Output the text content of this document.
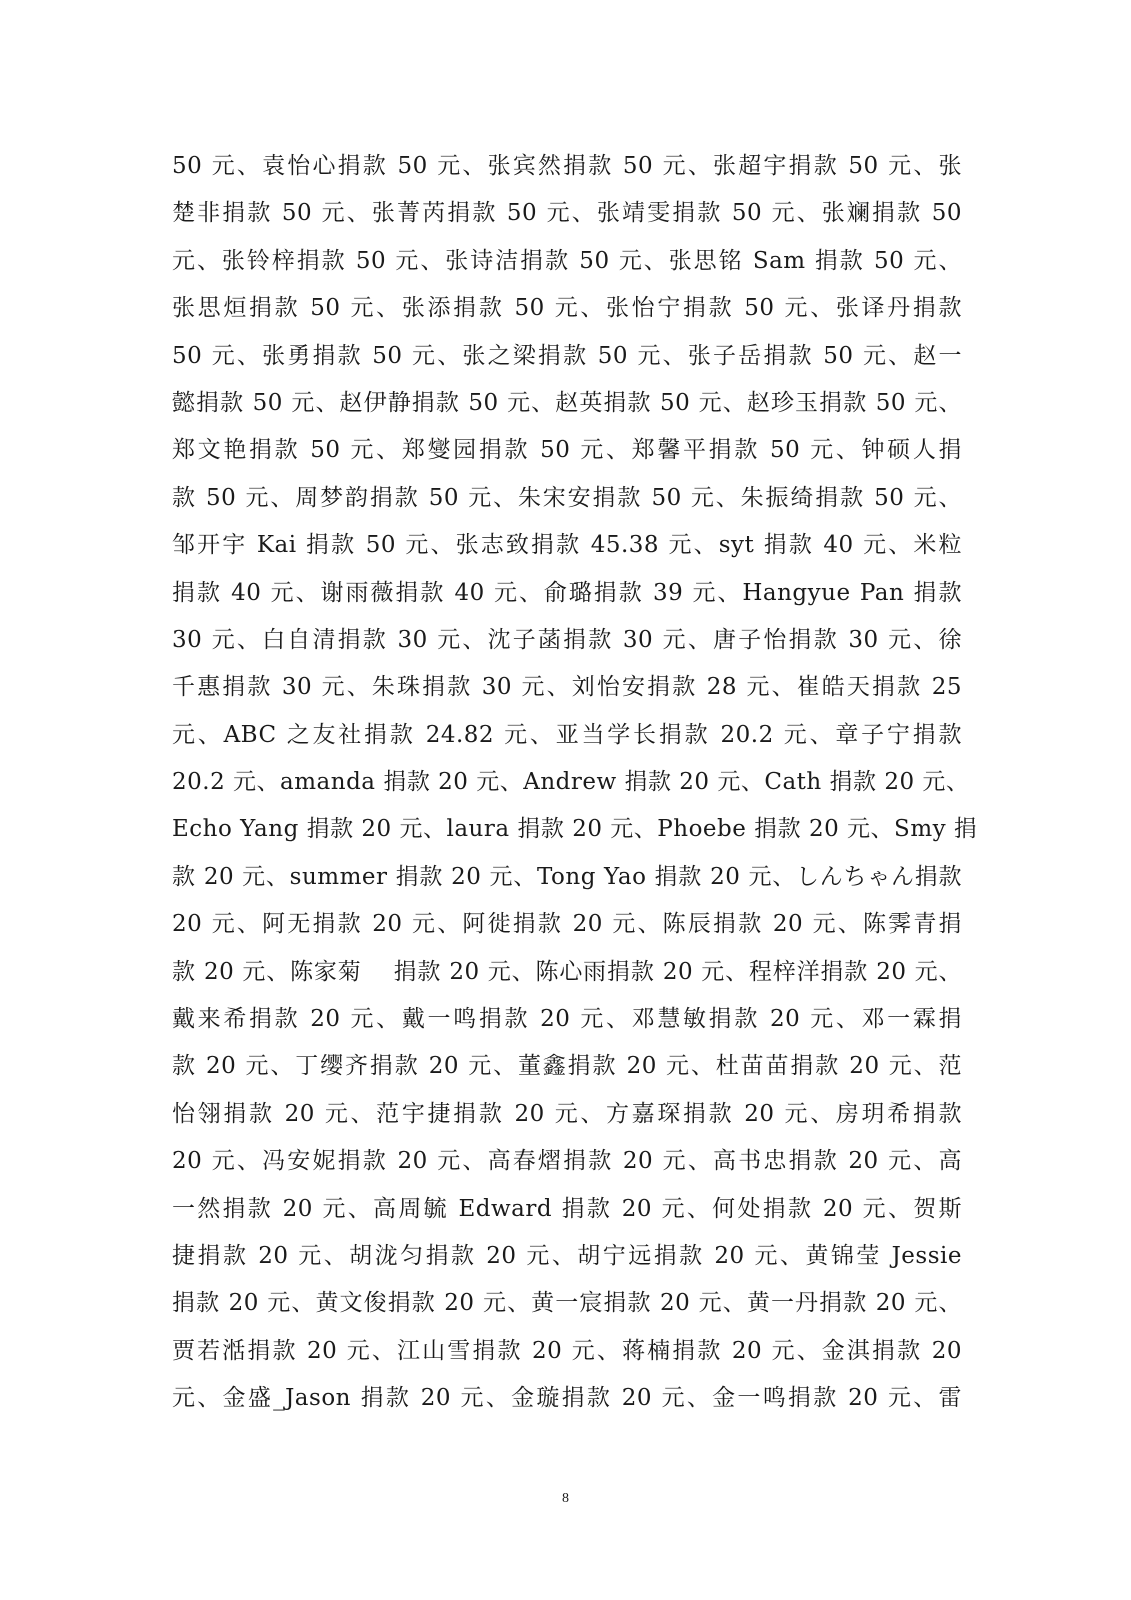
50 元、袁怡心捐款 50 元、张宾然捐款 50 元、张超宇捐款 50 元、张
楚非捐款 50 元、张菁芮捐款 50 元、张靖雯捐款 50 元、张斓捐款 50
元、张铃梓捐款 50 元、张诗洁捐款 50 元、张思铭 Sam 捐款 50 元、
张思烜捐款 50 元、张添捐款 50 元、张怡宁捐款 50 元、张译丹捐款
50 元、张勇捐款 50 元、张之梁捐款 50 元、张子岳捐款 50 元、赵一
懿捐款 50 元、赵伊静捐款 50 元、赵英捐款 50 元、赵珍玉捐款 50 元、
郑文艳捐款 50 元、郑燮园捐款 50 元、郑馨平捐款 50 元、钟硕人捐
款 50 元、周梦韵捐款 50 元、朱宋安捐款 50 元、朱振绮捐款 50 元、
邹开宇 Kai 捐款 50 元、张志致捐款 45.38 元、syt 捐款 40 元、米粒
捐款 40 元、谢雨薇捐款 40 元、俞璐捐款 39 元、Hangyue Pan 捐款
30 元、白自清捐款 30 元、沈子菡捐款 30 元、唐子怡捐款 30 元、徐
千惠捐款 30 元、朱珠捐款 30 元、刘怡安捐款 28 元、崔皓天捐款 25
元、ABC 之友社捐款 24.82 元、亚当学长捐款 20.2 元、章子宁捐款
20.2 元、amanda 捐款 20 元、Andrew 捐款 20 元、Cath 捐款 20 元、
Echo Yang 捐款 20 元、laura 捐款 20 元、Phoebe 捐款 20 元、Smy 捐
款 20 元、summer 捐款 20 元、Tong Yao 捐款 20 元、しんちゃん捐款
20 元、阿无捐款 20 元、阿徙捐款 20 元、陈辰捐款 20 元、陈霁青捐
款 20 元、陈家菊　 捐款 20 元、陈心雨捐款 20 元、程梓洋捐款 20 元、
戴来希捐款 20 元、戴一鸣捐款 20 元、邓慧敏捐款 20 元、邓一霖捐
款 20 元、丁缨齐捐款 20 元、董鑫捐款 20 元、杜苗苗捐款 20 元、范
怡翎捐款 20 元、范宇捷捐款 20 元、方嘉琛捐款 20 元、房玥希捐款
20 元、冯安妮捐款 20 元、高春熠捐款 20 元、高书忠捐款 20 元、高
一然捐款 20 元、高周毓 Edward 捐款 20 元、何处捐款 20 元、贺斯
捷捐款 20 元、胡泷匀捐款 20 元、胡宁远捐款 20 元、黄锦莹 Jessie
捐款 20 元、黄文俊捐款 20 元、黄一宸捐款 20 元、黄一丹捐款 20 元、
贾若湉捐款 20 元、江山雪捐款 20 元、蒋楠捐款 20 元、金淇捐款 20
元、金盛_Jason 捐款 20 元、金璇捐款 20 元、金一鸣捐款 20 元、雷
8
